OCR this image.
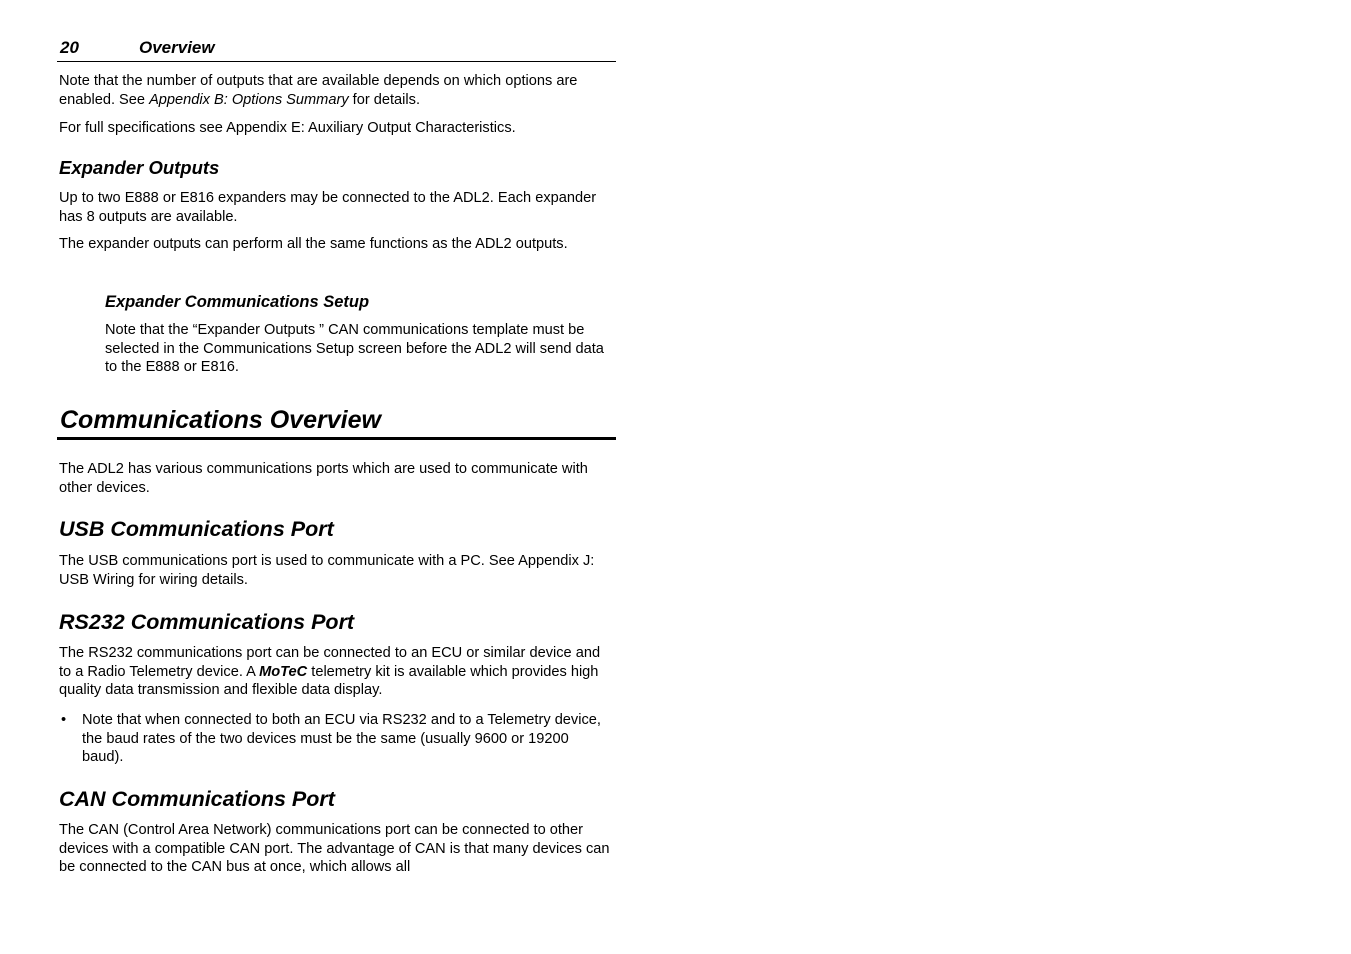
20	Overview

Note that the number of outputs that are available depends on which options are enabled. See Appendix B: Options Summary for details.

For full specifications see Appendix E: Auxiliary Output Characteristics.

Expander Outputs

Up to two E888 or E816 expanders may be connected to the ADL2. Each expander has 8 outputs are available.

The expander outputs can perform all the same functions as the ADL2 outputs.

Expander Communications Setup

Note that the “Expander Outputs ” CAN communications template must be selected in the Communications Setup screen before the ADL2 will send data to the E888 or E816.

Communications Overview

The ADL2 has various communications ports which are used to communicate with other devices.

USB Communications Port

The USB communications port is used to communicate with a PC. See Appendix J: USB Wiring for wiring details.

RS232 Communications Port

The RS232 communications port can be connected to an ECU or similar device and to a Radio Telemetry device. A MoTeC telemetry kit is available which provides high quality data transmission and flexible data display.

• Note that when connected to both an ECU via RS232 and to a Telemetry device, the baud rates of the two devices must be the same (usually 9600 or 19200 baud).
CAN Communications Port

The CAN (Control Area Network) communications port can be connected to other devices with a compatible CAN port. The advantage of CAN is that many devices can be connected to the CAN bus at once, which allows all
